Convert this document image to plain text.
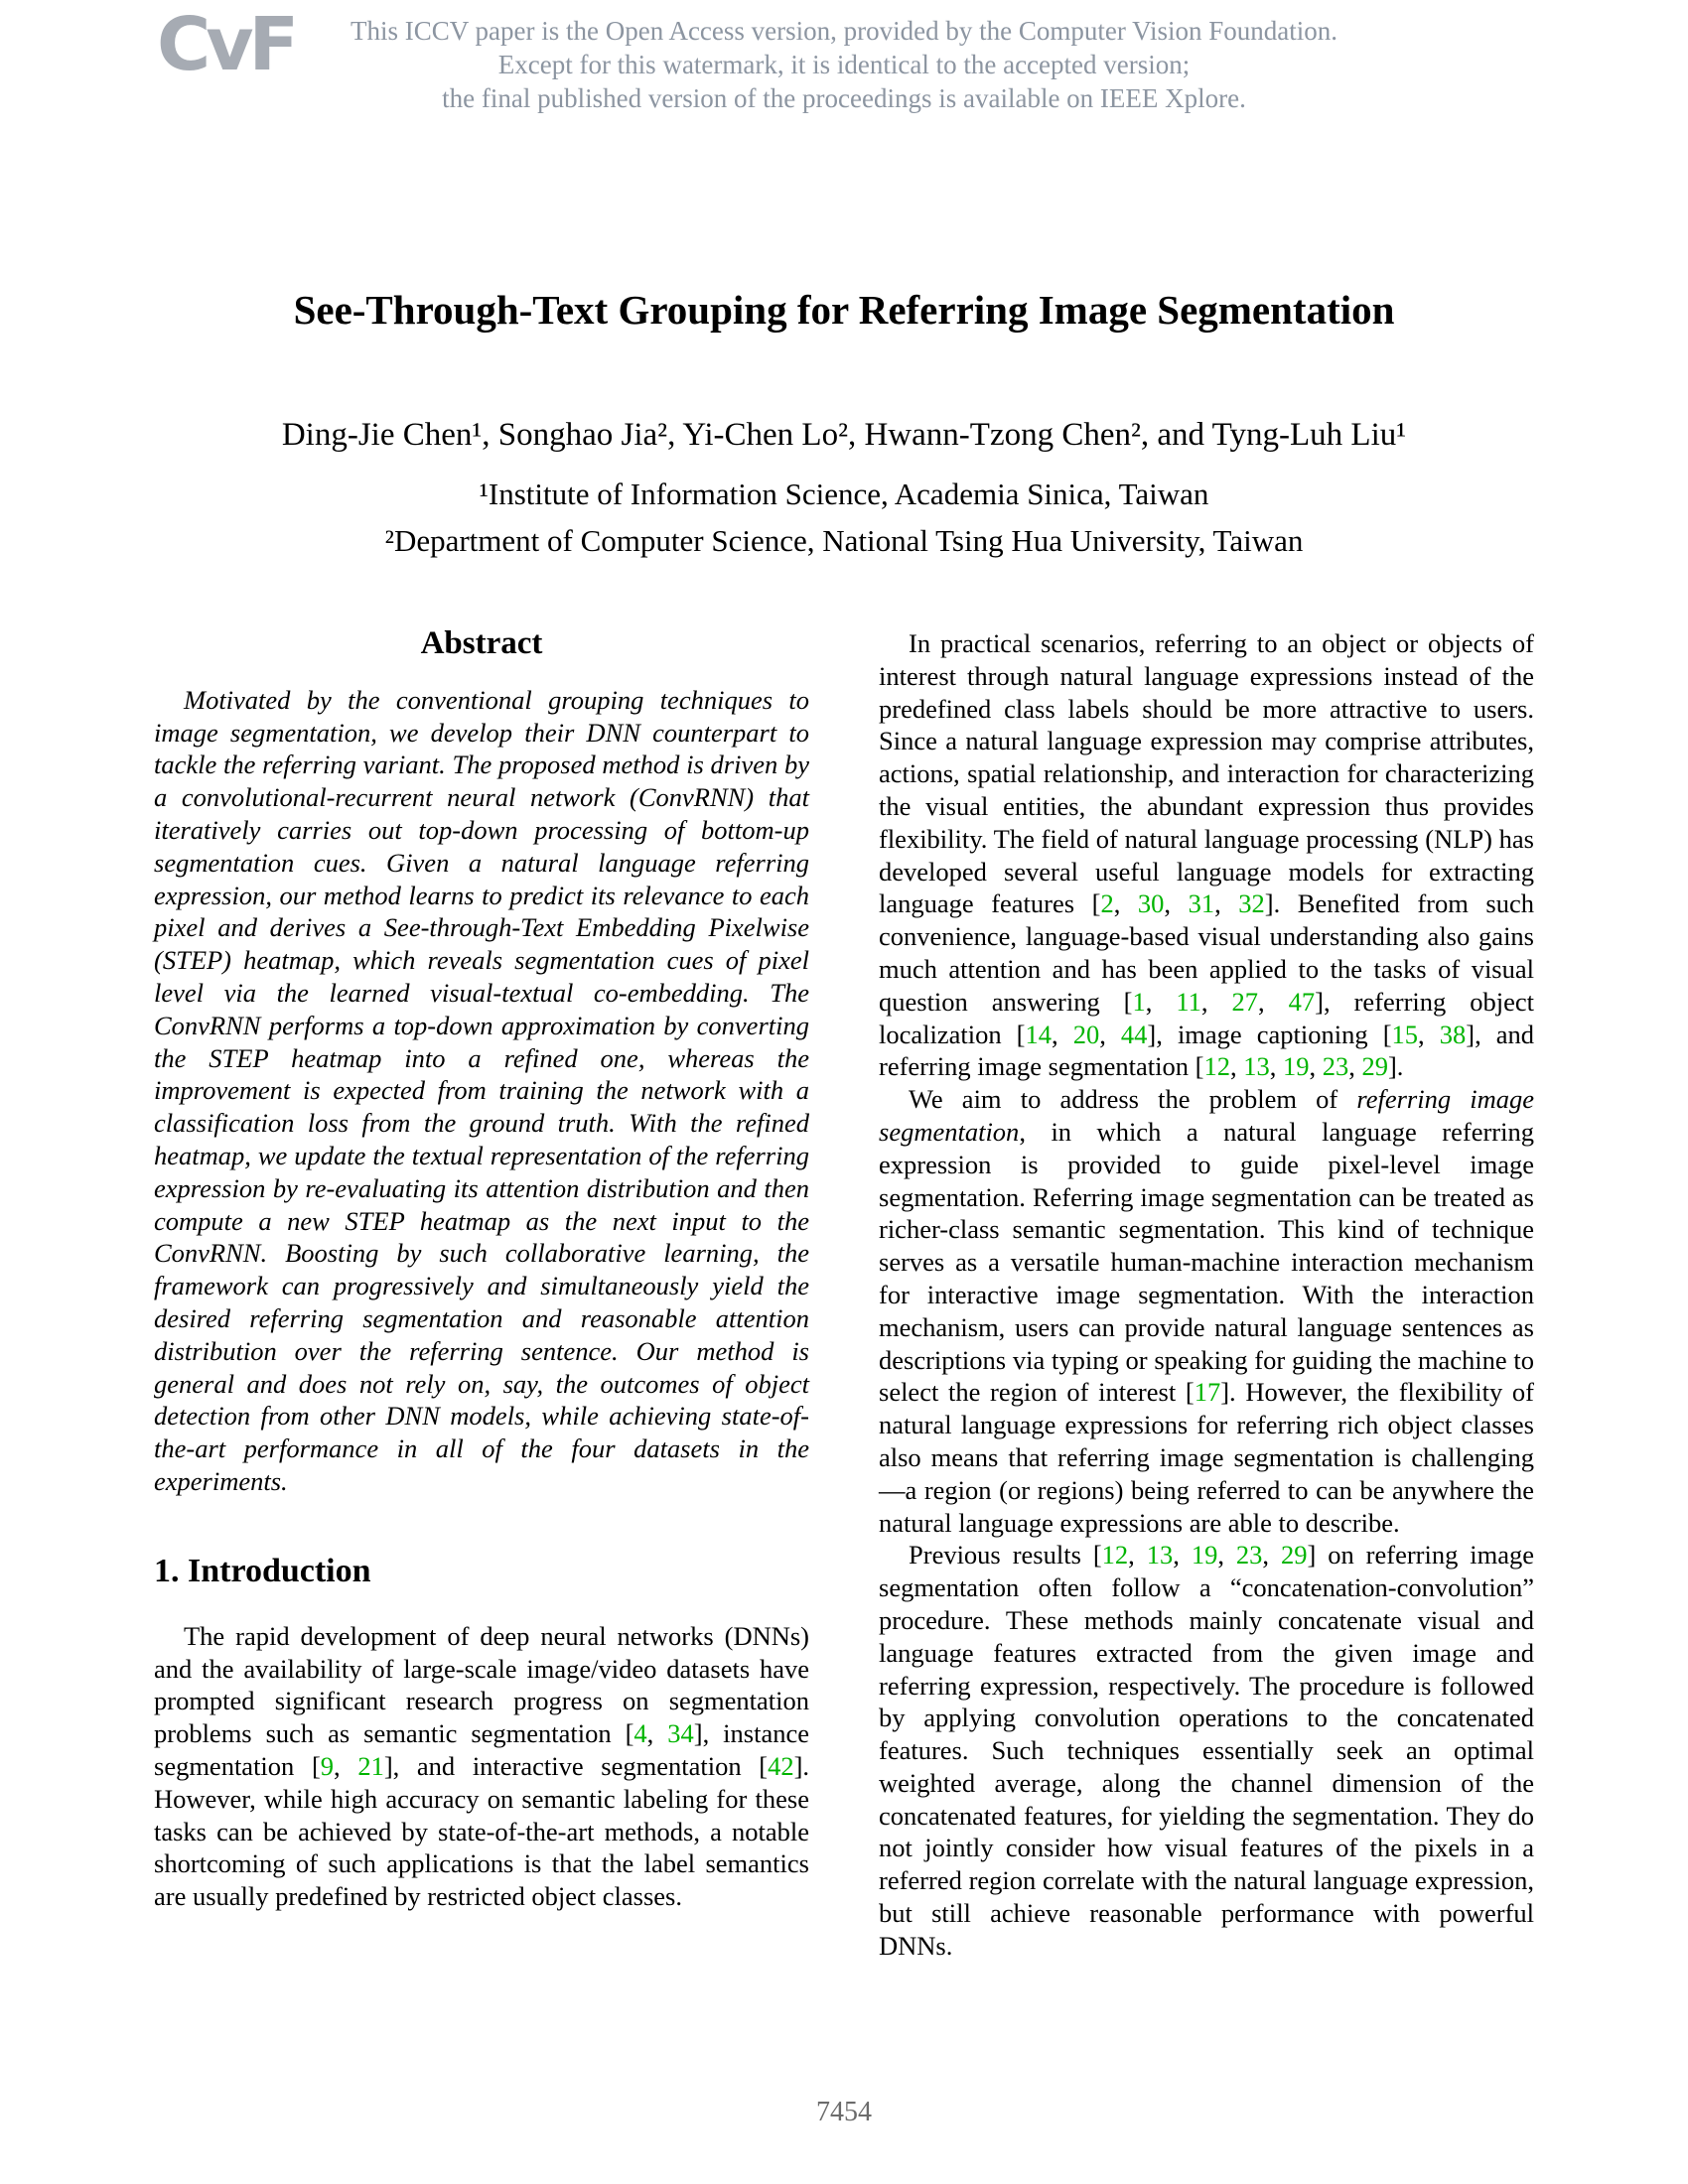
CvF	This ICCV paper is the Open Access version, provided by the Computer Vision Foundation.
Except for this watermark, it is identical to the accepted version;
the final published version of the proceedings is available on IEEE Xplore.
See-Through-Text Grouping for Referring Image Segmentation
Ding-Jie Chen¹, Songhao Jia², Yi-Chen Lo², Hwann-Tzong Chen², and Tyng-Luh Liu¹
¹Institute of Information Science, Academia Sinica, Taiwan
²Department of Computer Science, National Tsing Hua University, Taiwan
Abstract

Motivated by the conventional grouping techniques to image segmentation, we develop their DNN counterpart to tackle the referring variant. The proposed method is driven by a convolutional-recurrent neural network (ConvRNN) that iteratively carries out top-down processing of bottom-up segmentation cues. Given a natural language referring expression, our method learns to predict its relevance to each pixel and derives a See-through-Text Embedding Pixelwise (STEP) heatmap, which reveals segmentation cues of pixel level via the learned visual-textual co-embedding. The ConvRNN performs a top-down approximation by converting the STEP heatmap into a refined one, whereas the improvement is expected from training the network with a classification loss from the ground truth. With the refined heatmap, we update the textual representation of the referring expression by re-evaluating its attention distribution and then compute a new STEP heatmap as the next input to the ConvRNN. Boosting by such collaborative learning, the framework can progressively and simultaneously yield the desired referring segmentation and reasonable attention distribution over the referring sentence. Our method is general and does not rely on, say, the outcomes of object detection from other DNN models, while achieving state-of-the-art performance in all of the four datasets in the experiments.

1. Introduction

The rapid development of deep neural networks (DNNs) and the availability of large-scale image/video datasets have prompted significant research progress on segmentation problems such as semantic segmentation [4, 34], instance segmentation [9, 21], and interactive segmentation [42]. However, while high accuracy on semantic labeling for these tasks can be achieved by state-of-the-art methods, a notable shortcoming of such applications is that the label semantics are usually predefined by restricted object classes.

In practical scenarios, referring to an object or objects of interest through natural language expressions instead of the predefined class labels should be more attractive to users. Since a natural language expression may comprise attributes, actions, spatial relationship, and interaction for characterizing the visual entities, the abundant expression thus provides flexibility. The field of natural language processing (NLP) has developed several useful language models for extracting language features [2, 30, 31, 32]. Benefited from such convenience, language-based visual understanding also gains much attention and has been applied to the tasks of visual question answering [1, 11, 27, 47], referring object localization [14, 20, 44], image captioning [15, 38], and referring image segmentation [12, 13, 19, 23, 29].

We aim to address the problem of referring image segmentation, in which a natural language referring expression is provided to guide pixel-level image segmentation. Referring image segmentation can be treated as richer-class semantic segmentation. This kind of technique serves as a versatile human-machine interaction mechanism for interactive image segmentation. With the interaction mechanism, users can provide natural language sentences as descriptions via typing or speaking for guiding the machine to select the region of interest [17]. However, the flexibility of natural language expressions for referring rich object classes also means that referring image segmentation is challenging—a region (or regions) being referred to can be anywhere the natural language expressions are able to describe.

Previous results [12, 13, 19, 23, 29] on referring image segmentation often follow a “concatenation-convolution” procedure. These methods mainly concatenate visual and language features extracted from the given image and referring expression, respectively. The procedure is followed by applying convolution operations to the concatenated features. Such techniques essentially seek an optimal weighted average, along the channel dimension of the concatenated features, for yielding the segmentation. They do not jointly consider how visual features of the pixels in a referred region correlate with the natural language expression, but still achieve reasonable performance with powerful DNNs.

7454
